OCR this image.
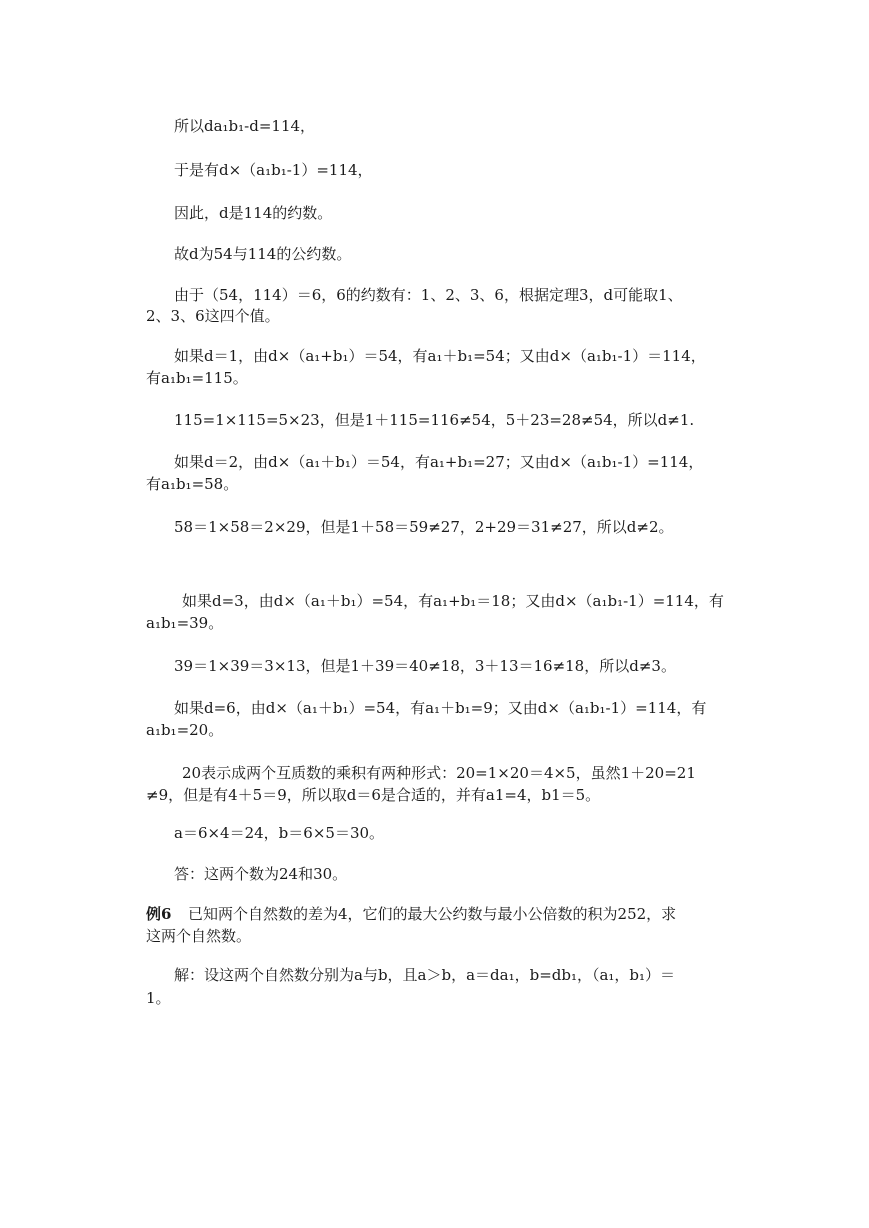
所以da₁b₁-d=114，
于是有d×（a₁b₁-1）=114，
因此，d是114的约数。
故d为54与114的公约数。
由于（54，114）＝6，6的约数有：1、2、3、6，根据定理3，d可能取1、
2、3、6这四个值。
如果d＝1，由d×（a₁+b₁）＝54，有a₁＋b₁=54；又由d×（a₁b₁-1）＝114，
有a₁b₁=115。
115=1×115=5×23，但是1＋115=116≠54，5＋23=28≠54，所以d≠1.
如果d＝2，由d×（a₁＋b₁）＝54，有a₁+b₁=27；又由d×（a₁b₁-1）=114，
有a₁b₁=58。
58＝1×58＝2×29，但是1＋58＝59≠27，2+29＝31≠27，所以d≠2。
如果d=3，由d×（a₁＋b₁）=54，有a₁+b₁＝18；又由d×（a₁b₁-1）=114，有
a₁b₁=39。
39＝1×39＝3×13，但是1＋39＝40≠18，3＋13＝16≠18，所以d≠3。
如果d=6，由d×（a₁＋b₁）=54，有a₁＋b₁=9；又由d×（a₁b₁-1）=114，有
a₁b₁=20。
20表示成两个互质数的乘积有两种形式：20=1×20＝4×5，虽然1＋20=21
≠9，但是有4＋5＝9，所以取d＝6是合适的，并有a1=4，b1＝5。
a＝6×4＝24，b＝6×5＝30。
答：这两个数为24和30。
例6 已知两个自然数的差为4，它们的最大公约数与最小公倍数的积为252，求
这两个自然数。
解：设这两个自然数分别为a与b，且a＞b，a＝da₁，b=db₁，（a₁，b₁）＝
1。
